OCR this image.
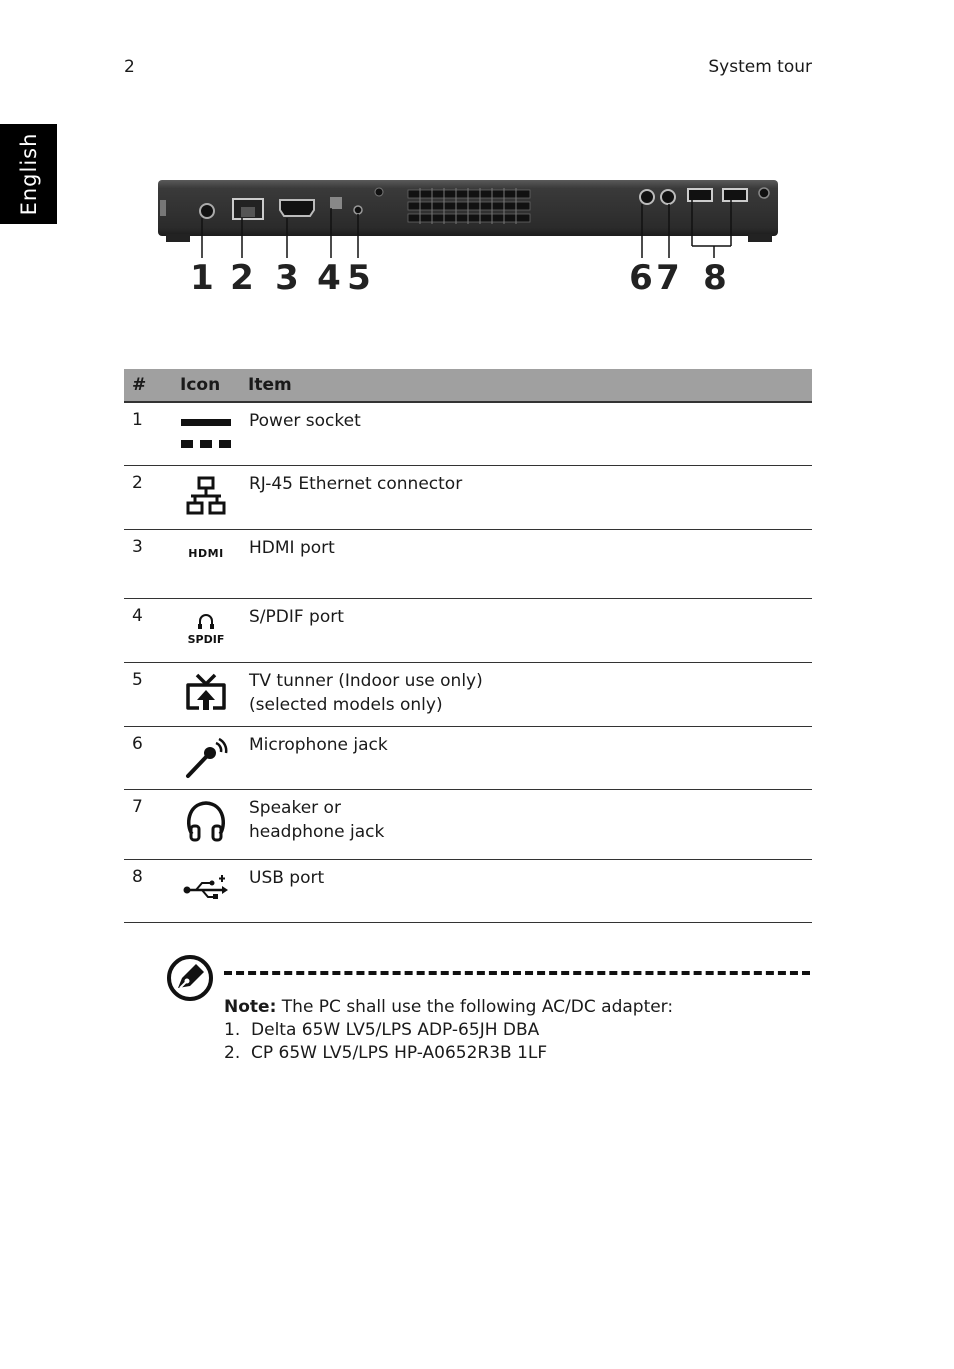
2	System tour
English
1 2 3 4 5	6 7 8
#	Icon	Item
1		Power socket
2		RJ-45 Ethernet connector
3	HDMI	HDMI port
4	SPDIF	S/PDIF port
5		TV tunner (Indoor use only)
(selected models only)

6		Microphone jack
7		Speaker or
headphone jack

8		USB port
Note: The PC shall use the following AC/DC adapter:
1.  Delta 65W LV5/LPS ADP-65JH DBA
2.  CP 65W LV5/LPS HP-A0652R3B 1LF
